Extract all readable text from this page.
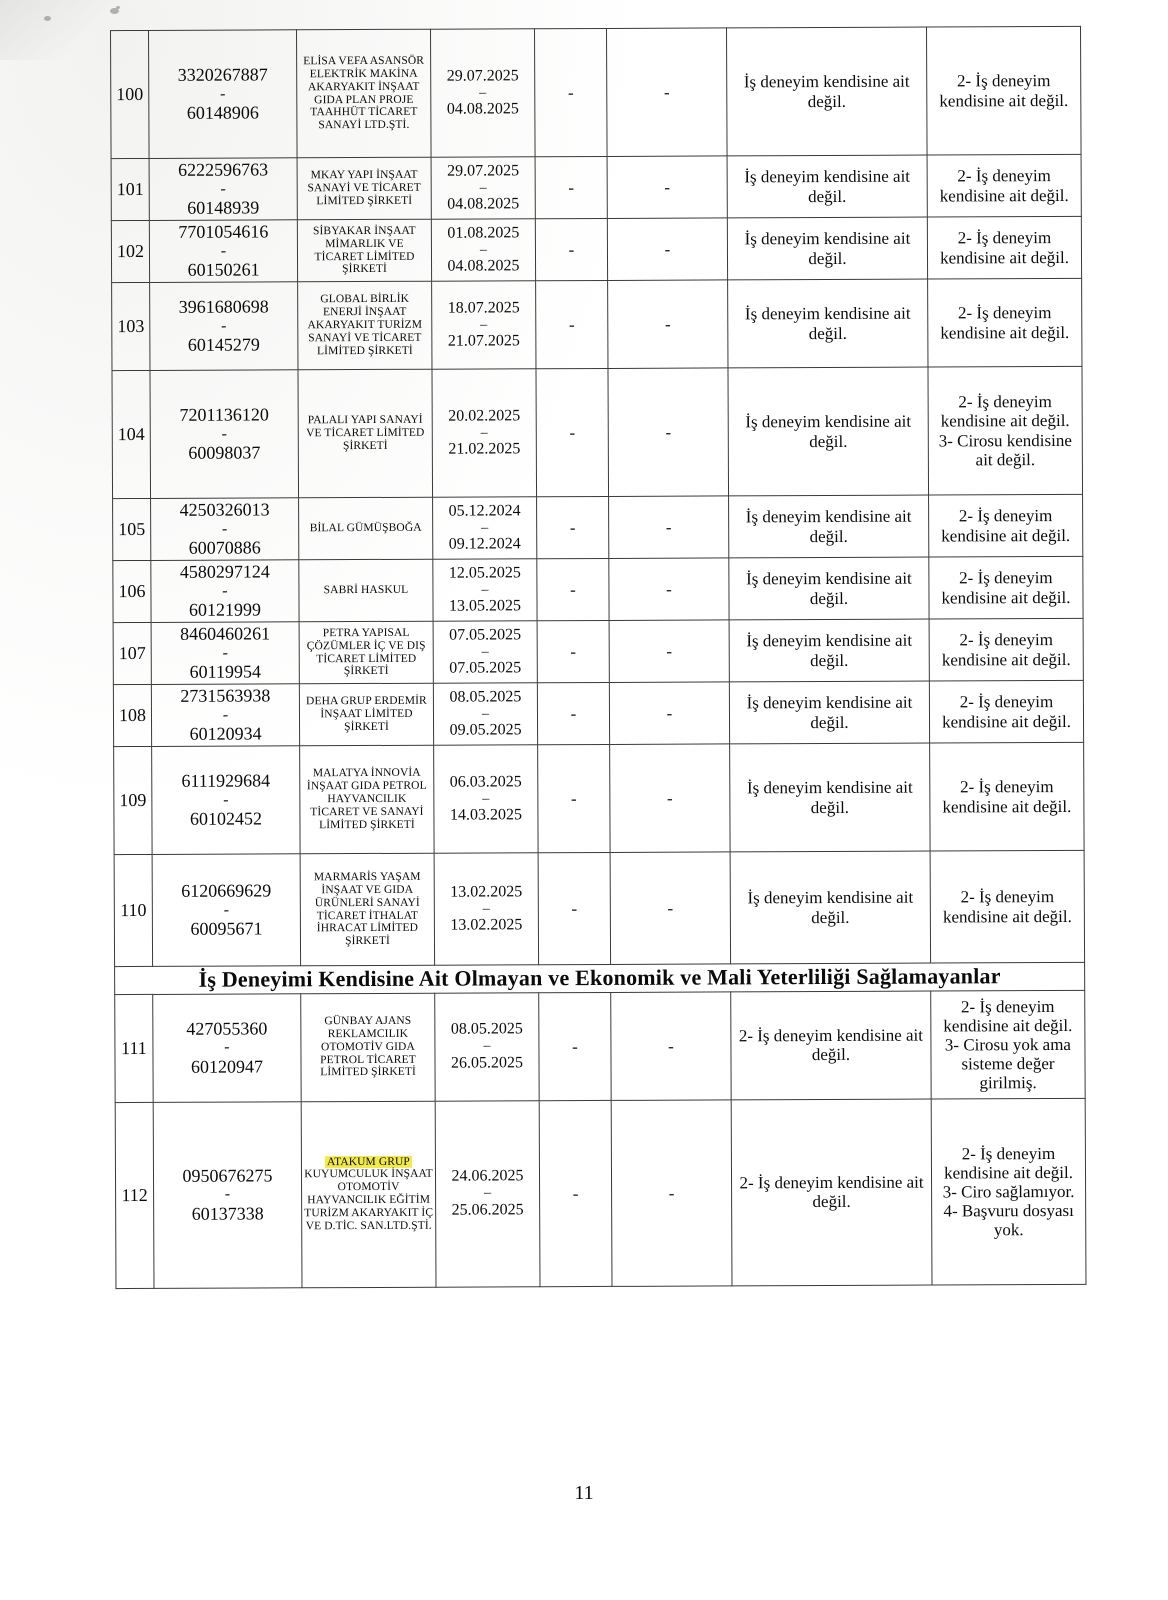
100	3320267887
-
60148906	ELİSA VEFA ASANSÖR ELEKTRİK MAKİNA AKARYAKIT İNŞAAT GIDA PLAN PROJE TAAHHÜT TİCARET SANAYİ LTD.ŞTİ.	29.07.2025
–
04.08.2025	-	-	İş deneyim kendisine ait değil.	2- İş deneyim kendisine ait değil.

101	6222596763
-
60148939	MKAY YAPI İNŞAAT SANAYİ VE TİCARET LİMİTED ŞİRKETİ	29.07.2025
–
04.08.2025	-	-	İş deneyim kendisine ait değil.	2- İş deneyim kendisine ait değil.

102	7701054616
-
60150261	SİBYAKAR İNŞAAT MİMARLIK VE TİCARET LİMİTED ŞİRKETİ	01.08.2025
–
04.08.2025	-	-	İş deneyim kendisine ait değil.	2- İş deneyim kendisine ait değil.

103	3961680698
-
60145279	GLOBAL BİRLİK ENERJİ İNŞAAT AKARYAKIT TURİZM SANAYİ VE TİCARET LİMİTED ŞİRKETİ	18.07.2025
–
21.07.2025	-	-	İş deneyim kendisine ait değil.	2- İş deneyim kendisine ait değil.

104	7201136120
-
60098037	PALALI YAPI SANAYİ VE TİCARET LİMİTED ŞİRKETİ	20.02.2025
–
21.02.2025	-	-	İş deneyim kendisine ait değil.	
2- İş deneyim kendisine ait değil.
3- Cirosu kendisine ait değil.

105	4250326013
-
60070886	BİLAL GÜMÜŞBOĞA	05.12.2024
–
09.12.2024	-	-	İş deneyim kendisine ait değil.	2- İş deneyim kendisine ait değil.

106	4580297124
-
60121999	SABRİ HASKUL	12.05.2025
–
13.05.2025	-	-	İş deneyim kendisine ait değil.	2- İş deneyim kendisine ait değil.

107	8460460261
-
60119954	PETRA YAPISAL ÇÖZÜMLER İÇ VE DIŞ TİCARET LİMİTED ŞİRKETİ	07.05.2025
–
07.05.2025	-	-	İş deneyim kendisine ait değil.	2- İş deneyim kendisine ait değil.

108	2731563938
-
60120934	DEHA GRUP ERDEMİR İNŞAAT LİMİTED ŞİRKETİ	08.05.2025
–
09.05.2025	-	-	İş deneyim kendisine ait değil.	2- İş deneyim kendisine ait değil.

109	6111929684
-
60102452	MALATYA İNNOVİA İNŞAAT GIDA PETROL HAYVANCILIK TİCARET VE SANAYİ LİMİTED ŞİRKETİ	06.03.2025
–
14.03.2025	-	-	İş deneyim kendisine ait değil.	2- İş deneyim kendisine ait değil.

110	6120669629
-
60095671	MARMARİS YAŞAM İNŞAAT VE GIDA ÜRÜNLERİ SANAYİ TİCARET İTHALAT İHRACAT LİMİTED ŞİRKETİ	13.02.2025
–
13.02.2025	-	-	İş deneyim kendisine ait değil.	2- İş deneyim kendisine ait değil.

İş Deneyimi Kendisine Ait Olmayan ve Ekonomik ve Mali Yeterliliği Sağlamayanlar							
111	427055360
-
60120947	GÜNBAY AJANS REKLAMCILIK OTOMOTİV GIDA PETROL TİCARET LİMİTED ŞİRKETİ	08.05.2025
–
26.05.2025	-	-	2- İş deneyim kendisine ait değil.	
2- İş deneyim kendisine ait değil.
3- Cirosu yok ama sisteme değer girilmiş.

112	0950676275
-
60137338	ATAKUM GRUP KUYUMCULUK İNŞAAT OTOMOTİV HAYVANCILIK EĞİTİM TURİZM AKARYAKIT İÇ VE D.TİC. SAN.LTD.ŞTİ.	24.06.2025
–
25.06.2025	-	-	2- İş deneyim kendisine ait değil.	
2- İş deneyim kendisine ait değil.
3- Ciro sağlamıyor.
4- Başvuru dosyası yok.
11
